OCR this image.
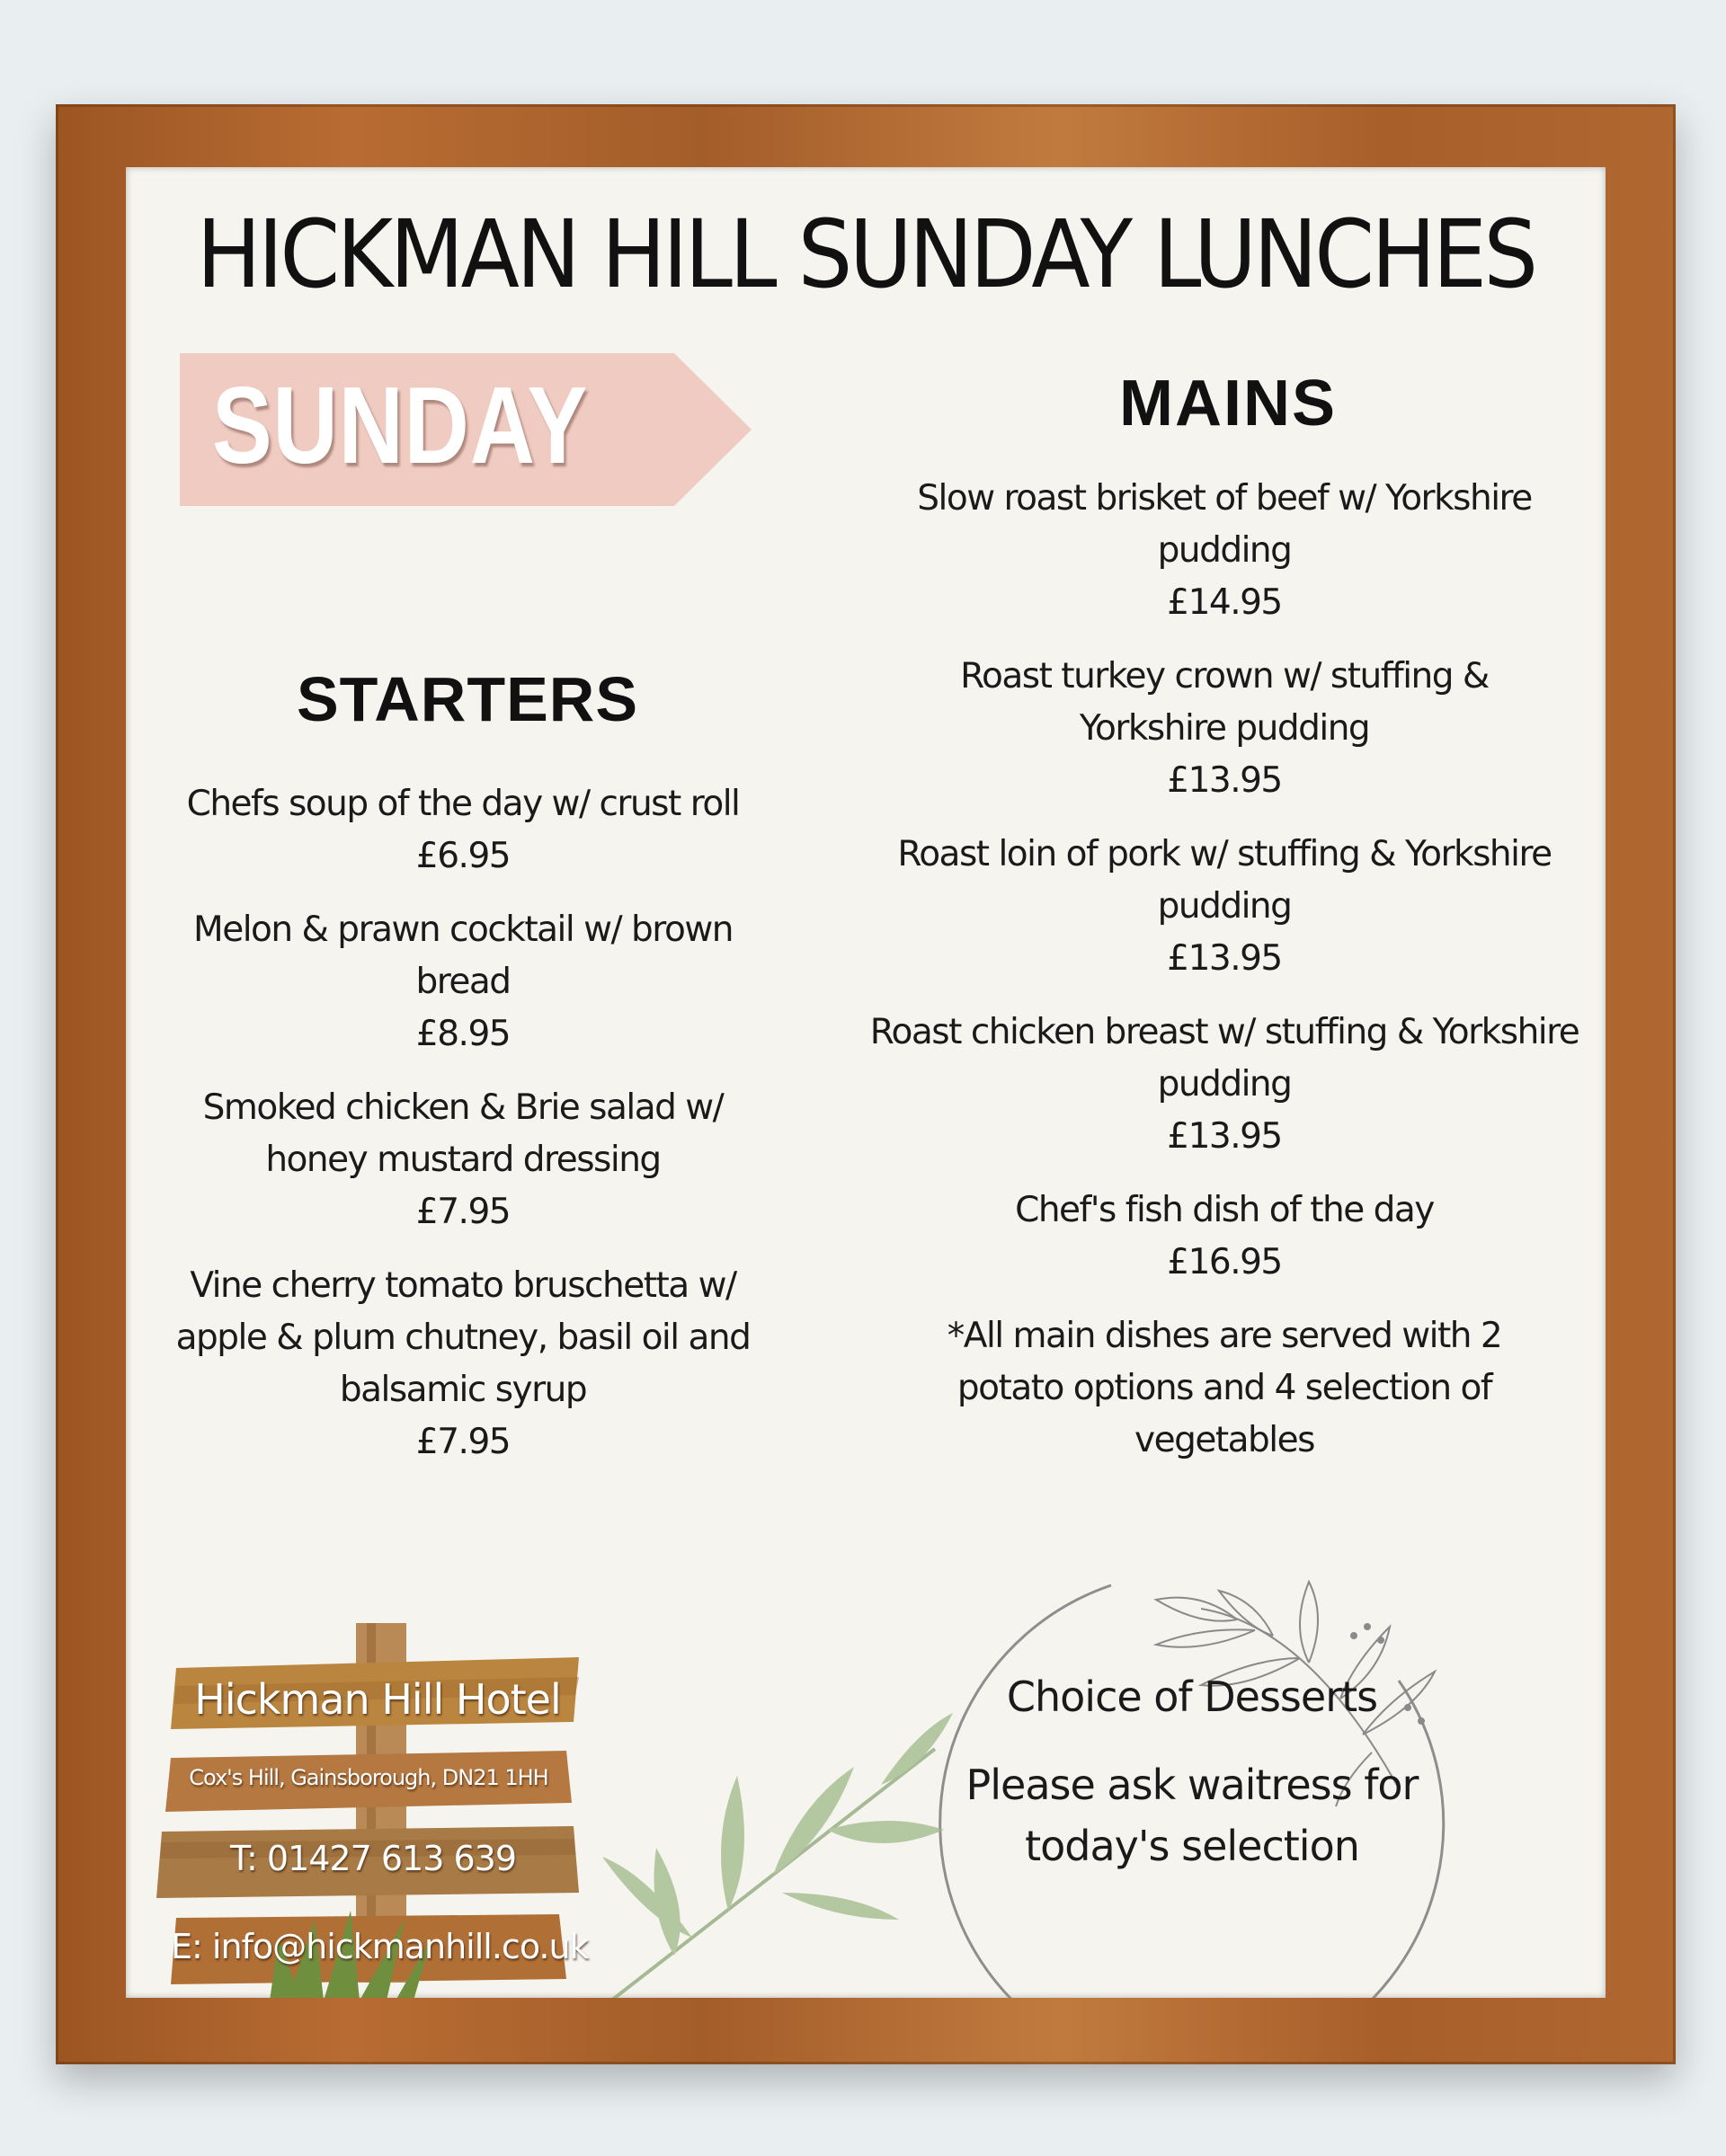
HICKMAN HILL SUNDAY LUNCHES
SUNDAY	MAINS
STARTERS
Chefs soup of the day w/ crust roll
£6.95
Melon & prawn cocktail w/ brown bread
£8.95
Smoked chicken & Brie salad w/ honey mustard dressing
£7.95
Vine cherry tomato bruschetta w/ apple & plum chutney, basil oil and balsamic syrup
£7.95
Slow roast brisket of beef w/ Yorkshire pudding
£14.95
Roast turkey crown w/ stuffing & Yorkshire pudding
£13.95
Roast loin of pork w/ stuffing & Yorkshire pudding
£13.95
Roast chicken breast w/ stuffing & Yorkshire pudding
£13.95
Chef's fish dish of the day
£16.95
*All main dishes are served with 2 potato options and 4 selection of vegetables
Choice of Desserts
Please ask waitress for today's selection
Hickman Hill Hotel
Cox's Hill, Gainsborough, DN21 1HH
T: 01427 613 639
E: info@hickmanhill.co.uk
